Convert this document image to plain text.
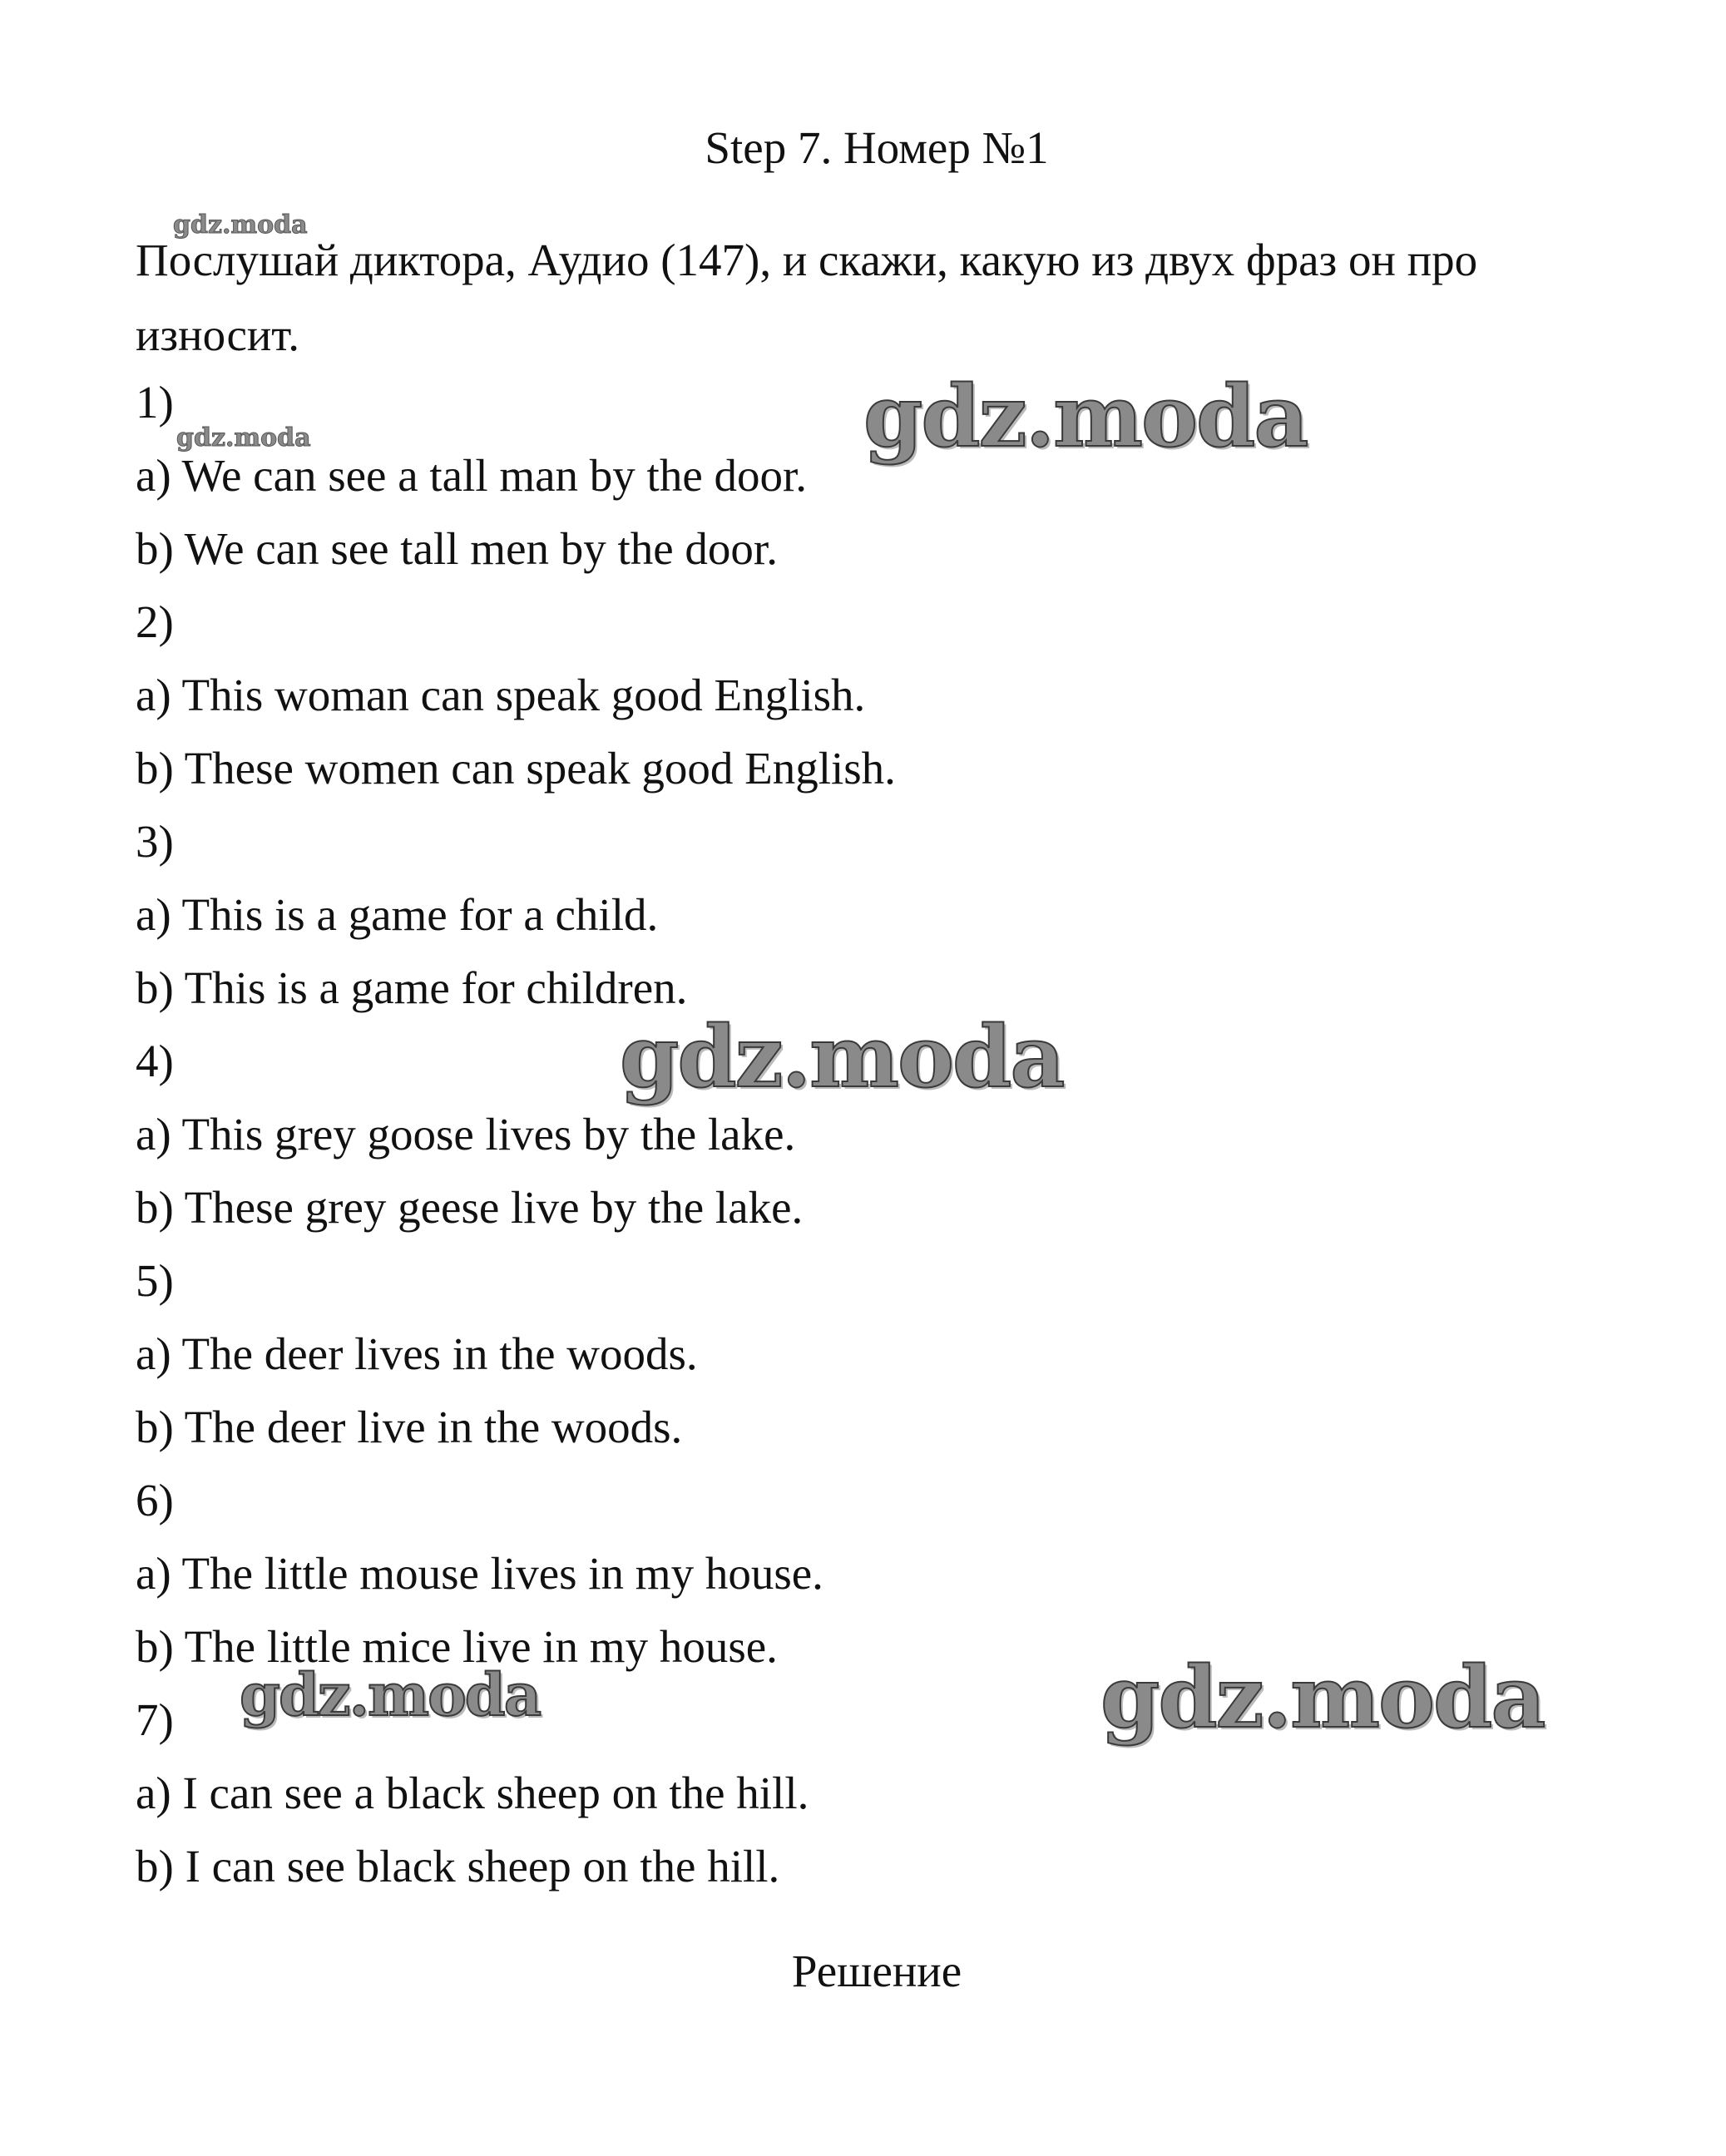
Step 7. Номер №1

Послушай диктора, Аудио (147), и скажи, какую из двух фраз он про износит.

1)
a) We can see a tall man by the door.
b) We can see tall men by the door.
2)
a) This woman can speak good English.
b) These women can speak good English.
3)
a) This is a game for a child.
b) This is a game for children.
4)
a) This grey goose lives by the lake.
b) These grey geese live by the lake.
5)
a) The deer lives in the woods.
b) The deer live in the woods.
6)
a) The little mouse lives in my house.
b) The little mice live in my house.
7)
a) I can see a black sheep on the hill.
b) I can see black sheep on the hill.
Решение
gdz.moda
gdz.moda	gdz.moda
gdz.moda
gdz.moda	gdz.moda
